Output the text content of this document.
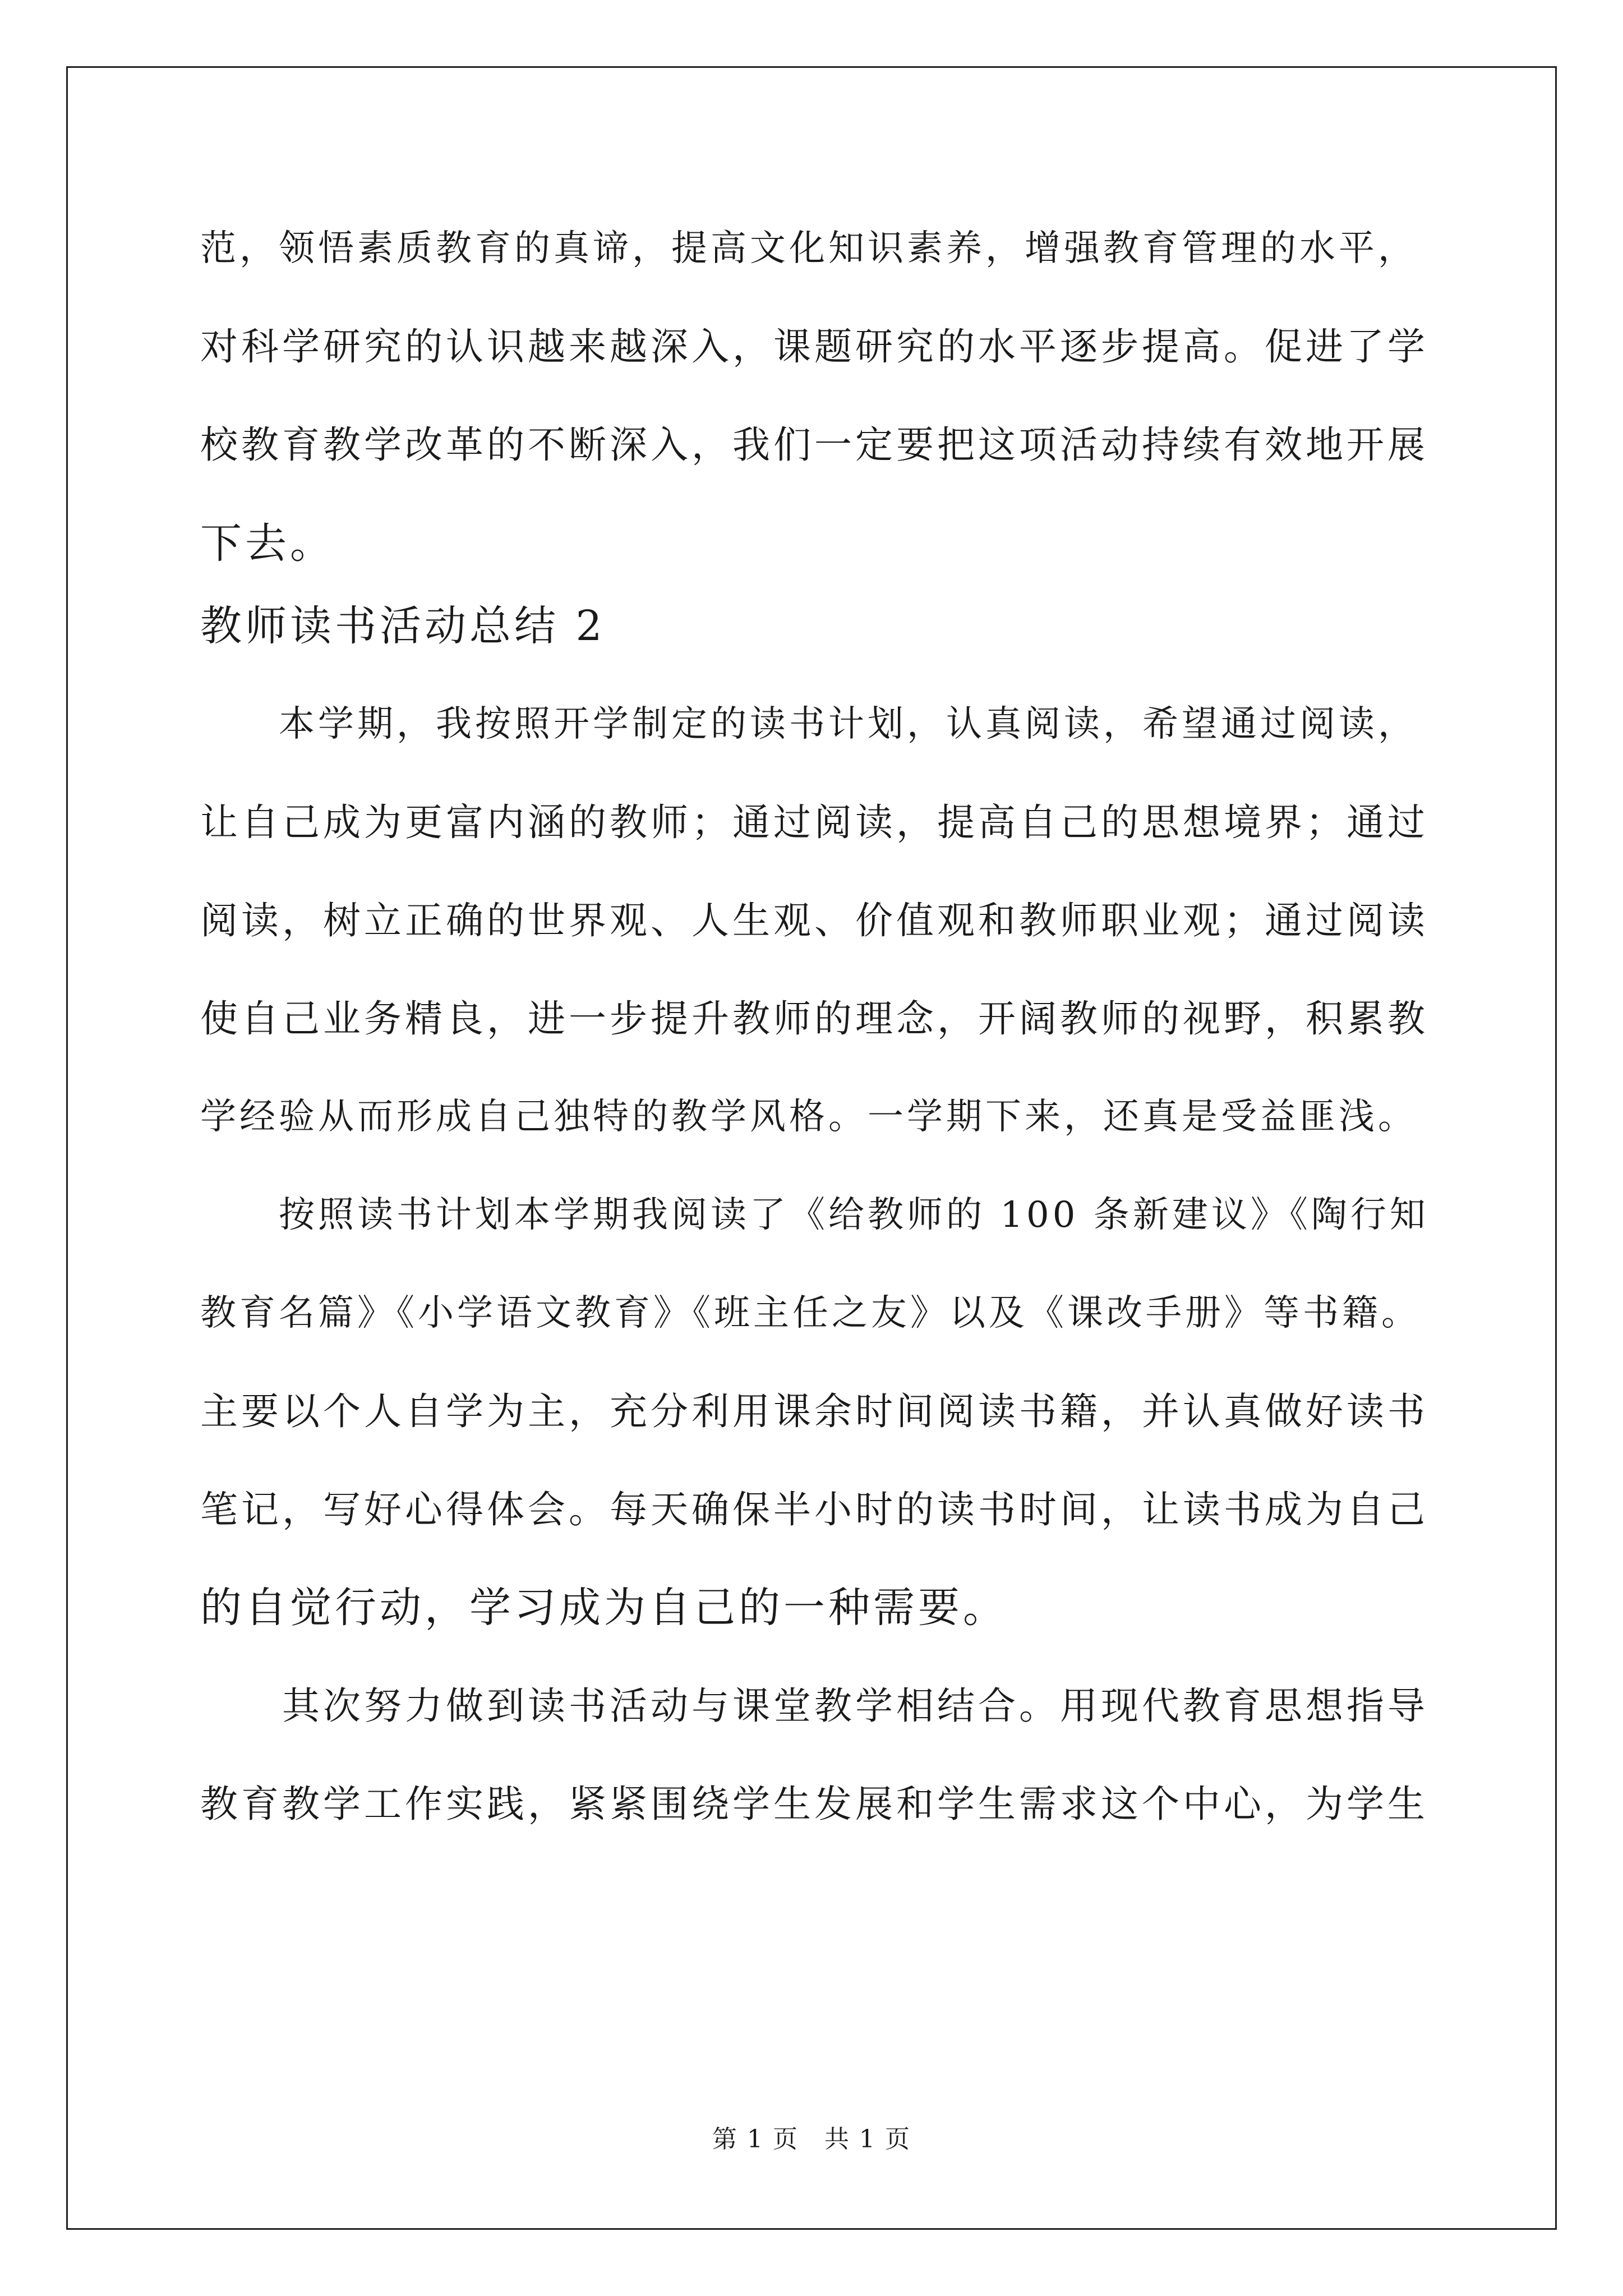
范，领悟素质教育的真谛，提高文化知识素养，增强教育管理的水平，
对科学研究的认识越来越深入，课题研究的水平逐步提高。促进了学
校教育教学改革的不断深入，我们一定要把这项活动持续有效地开展
下去。
教师读书活动总结 2
　　本学期，我按照开学制定的读书计划，认真阅读，希望通过阅读，
让自己成为更富内涵的教师；通过阅读，提高自己的思想境界；通过
阅读，树立正确的世界观、人生观、价值观和教师职业观；通过阅读
使自己业务精良，进一步提升教师的理念，开阔教师的视野，积累教
学经验从而形成自己独特的教学风格。一学期下来，还真是受益匪浅。
　　按照读书计划本学期我阅读了《给教师的 100 条新建议》《陶行知
教育名篇》《小学语文教育》《班主任之友》以及《课改手册》等书籍。
主要以个人自学为主，充分利用课余时间阅读书籍，并认真做好读书
笔记，写好心得体会。每天确保半小时的读书时间，让读书成为自己
的自觉行动，学习成为自己的一种需要。
　　其次努力做到读书活动与课堂教学相结合。用现代教育思想指导
教育教学工作实践，紧紧围绕学生发展和学生需求这个中心，为学生
第 1 页　共 1 页
